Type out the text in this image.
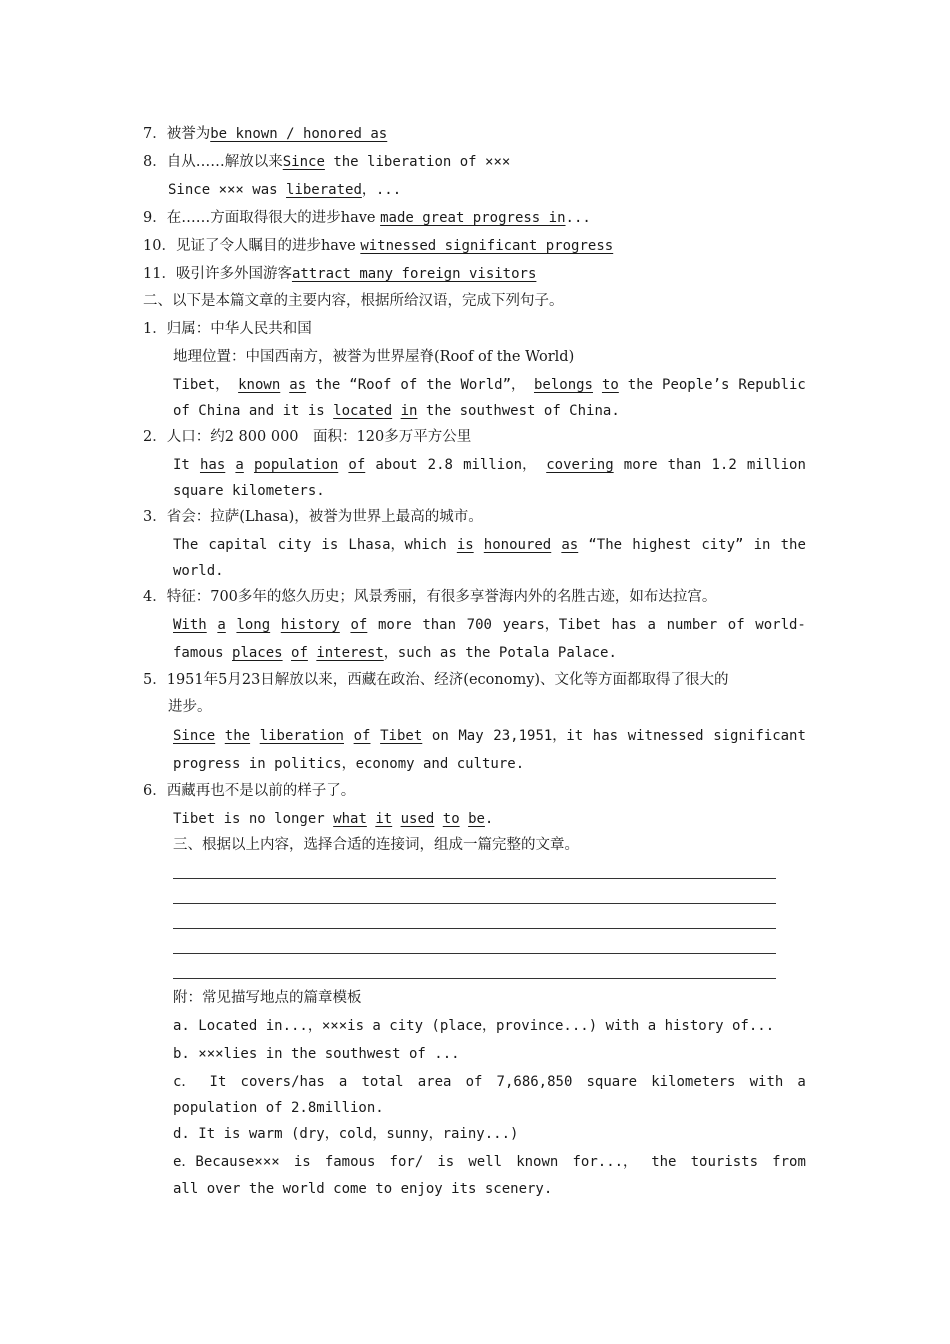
7．被誉为be known / honored as
8．自从……解放以来Since the liberation of ×××
Since ××× was liberated，...
9．在……方面取得很大的进步have made great progress in...
10．见证了令人瞩目的进步have witnessed significant progress
11．吸引许多外国游客attract many foreign visitors
二、以下是本篇文章的主要内容，根据所给汉语，完成下列句子。
1．归属：中华人民共和国
地理位置：中国西南方，被誉为世界屋脊(Roof of the World)
Tibet， known as the “Roof of the World”， belongs to the People’s Republic
of China and it is located in the southwest of China.
2．人口：约2 800 000　面积：120多万平方公里
It has a population of about 2.8 million， covering more than 1.2 million
square kilometers.
3．省会：拉萨(Lhasa)，被誉为世界上最高的城市。
The capital city is Lhasa，which is honoured as “The highest city” in the
world.
4．特征：700多年的悠久历史；风景秀丽，有很多享誉海内外的名胜古迹，如布达拉宫。
With a long history of more than 700 years，Tibet has a number of world-
famous places of interest，such as the Potala Palace.
5．1951年5月23日解放以来，西藏在政治、经济(economy)、文化等方面都取得了很大的
进步。
Since the liberation of Tibet on May 23,1951，it has witnessed significant
progress in politics，economy and culture.
6．西藏再也不是以前的样子了。
Tibet is no longer what it used to be.
三、根据以上内容，选择合适的连接词，组成一篇完整的文章。
附：常见描写地点的篇章模板
a. Located in...，×××is a city (place，province...) with a history of...
b. ×××lies in the southwest of ...
c． It covers/has a total area of 7,686,850 square kilometers with a
population of 2.8million.
d. It is warm (dry，cold，sunny，rainy...)
e．Because××× is famous for/ is well known for...， the tourists from
all over the world come to enjoy its scenery.
